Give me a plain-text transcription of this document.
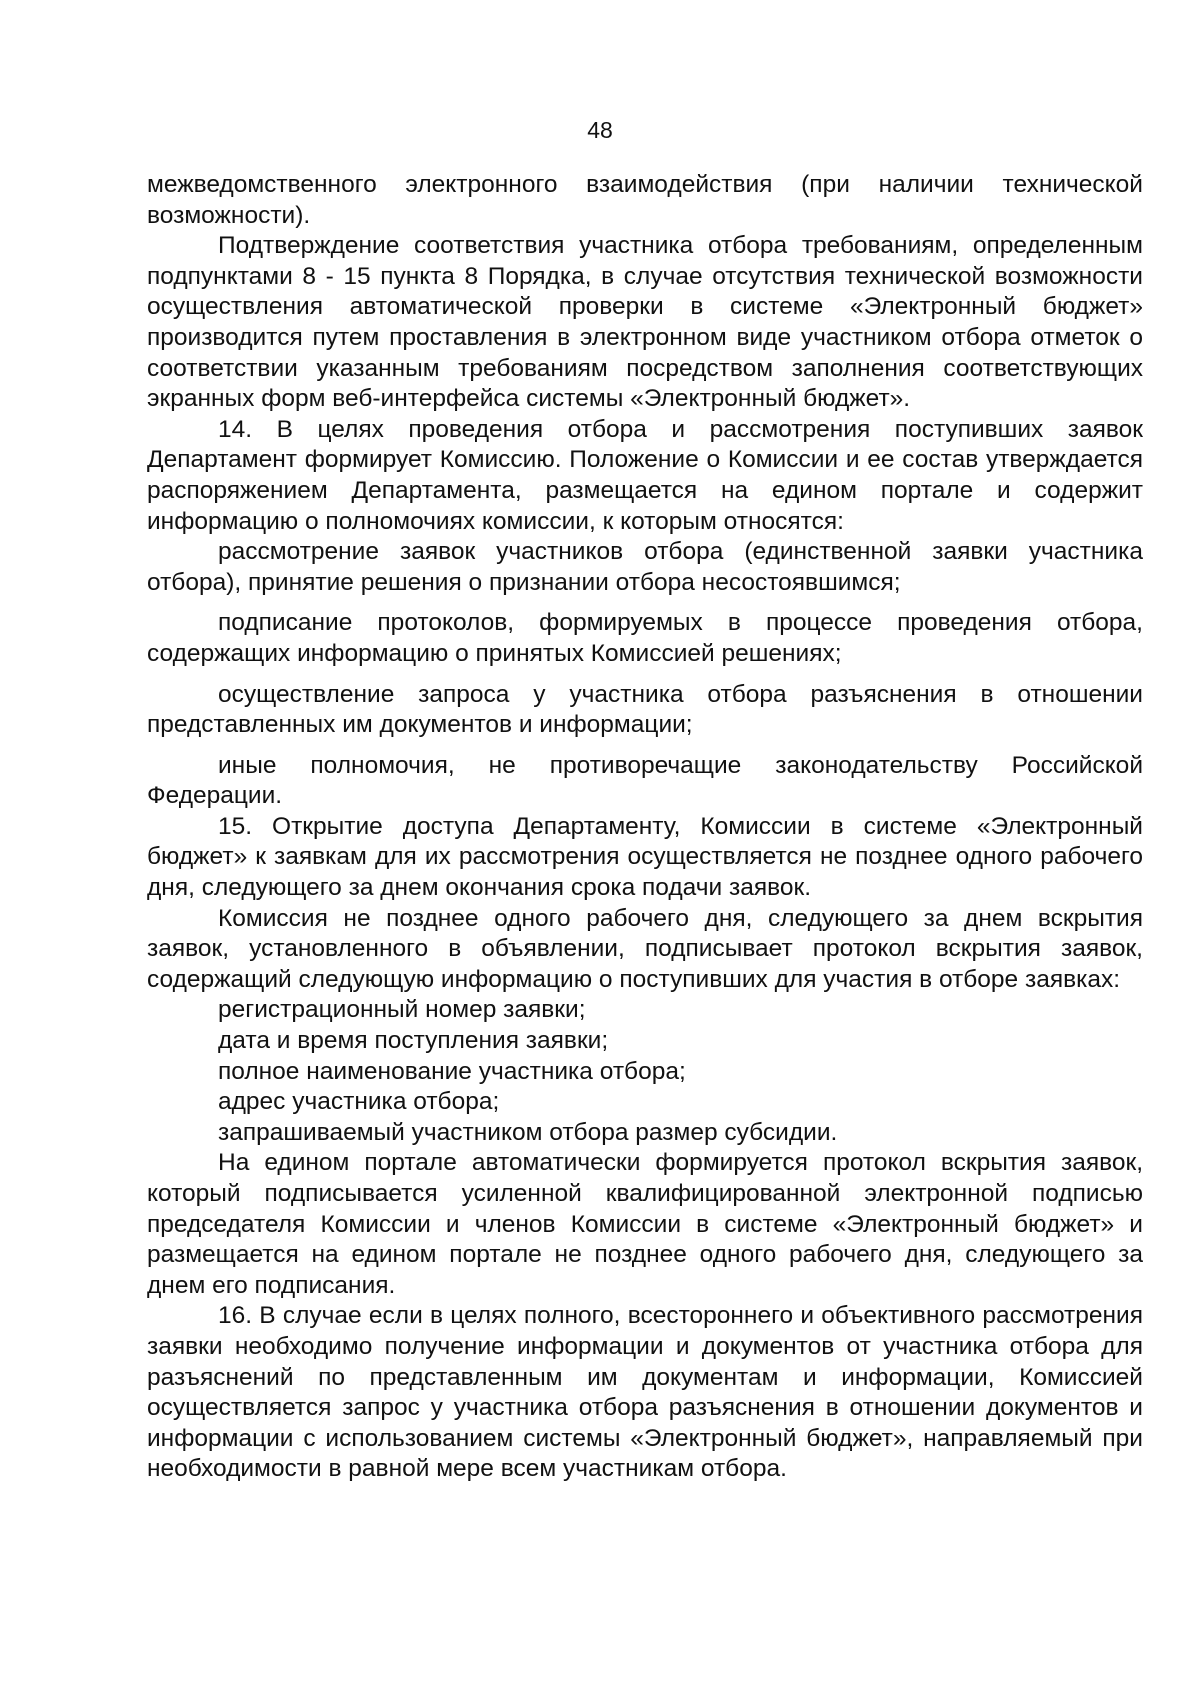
48

межведомственного электронного взаимодействия (при наличии технической возможности).

Подтверждение соответствия участника отбора требованиям, определенным подпунктами 8 - 15 пункта 8 Порядка, в случае отсутствия технической возможности осуществления автоматической проверки в системе «Электронный бюджет» производится путем проставления в электронном виде участником отбора отметок о соответствии указанным требованиям посредством заполнения соответствующих экранных форм веб-интерфейса системы «Электронный бюджет».

14. В целях проведения отбора и рассмотрения поступивших заявок Департамент формирует Комиссию. Положение о Комиссии и ее состав утверждается распоряжением Департамента, размещается на едином портале и содержит информацию о полномочиях комиссии, к которым относятся:

рассмотрение заявок участников отбора (единственной заявки участника отбора), принятие решения о признании отбора несостоявшимся;

подписание протоколов, формируемых в процессе проведения отбора, содержащих информацию о принятых Комиссией решениях;

осуществление запроса у участника отбора разъяснения в отношении представленных им документов и информации;

иные полномочия, не противоречащие законодательству Российской Федерации.

15. Открытие доступа Департаменту, Комиссии в системе «Электронный бюджет» к заявкам для их рассмотрения осуществляется не позднее одного рабочего дня, следующего за днем окончания срока подачи заявок.

Комиссия не позднее одного рабочего дня, следующего за днем вскрытия заявок, установленного в объявлении, подписывает протокол вскрытия заявок, содержащий следующую информацию о поступивших для участия в отборе заявках:

регистрационный номер заявки;

дата и время поступления заявки;

полное наименование участника отбора;

адрес участника отбора;

запрашиваемый участником отбора размер субсидии.

На едином портале автоматически формируется протокол вскрытия заявок, который подписывается усиленной квалифицированной электронной подписью председателя Комиссии и членов Комиссии в системе «Электронный бюджет» и размещается на едином портале не позднее одного рабочего дня, следующего за днем его подписания.

16. В случае если в целях полного, всестороннего и объективного рассмотрения заявки необходимо получение информации и документов от участника отбора для разъяснений по представленным им документам и информации, Комиссией осуществляется запрос у участника отбора разъяснения в отношении документов и информации с использованием системы «Электронный бюджет», направляемый при необходимости в равной мере всем участникам отбора.
